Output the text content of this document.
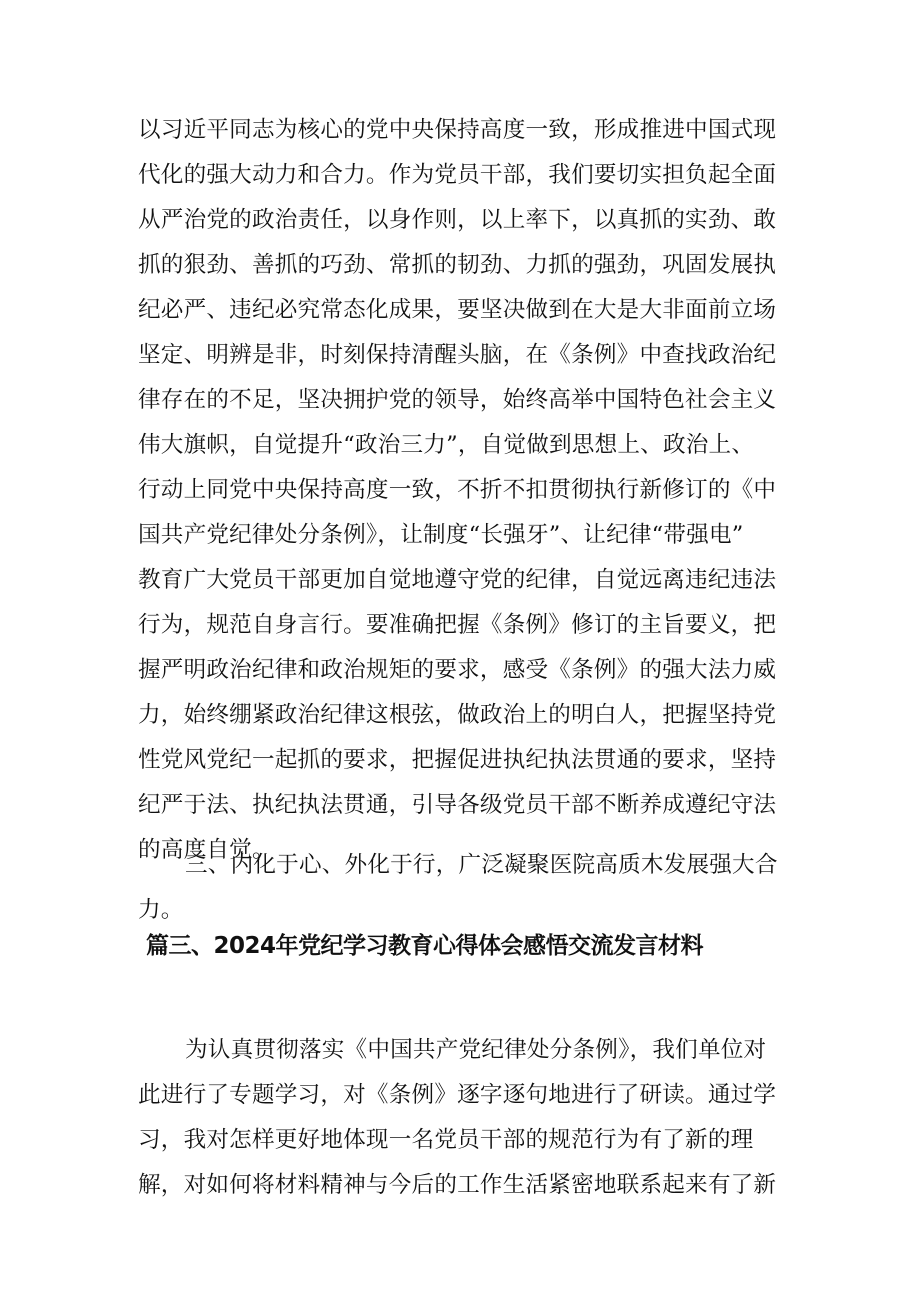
以习近平同志为核心的党中央保持高度一致，形成推进中国式现
代化的强大动力和合力。作为党员干部，我们要切实担负起全面
从严治党的政治责任，以身作则，以上率下，以真抓的实劲、敢
抓的狠劲、善抓的巧劲、常抓的韧劲、力抓的强劲，巩固发展执
纪必严、违纪必究常态化成果，要坚决做到在大是大非面前立场
坚定、明辨是非，时刻保持清醒头脑，在《条例》中查找政治纪
律存在的不足，坚决拥护党的领导，始终高举中国特色社会主义
伟大旗帜，自觉提升“政治三力”，自觉做到思想上、政治上、
行动上同党中央保持高度一致，不折不扣贯彻执行新修订的《中
国共产党纪律处分条例》，让制度“长强牙”、让纪律“带强电”
教育广大党员干部更加自觉地遵守党的纪律，自觉远离违纪违法
行为，规范自身言行。要准确把握《条例》修订的主旨要义，把
握严明政治纪律和政治规矩的要求，感受《条例》的强大法力威
力，始终绷紧政治纪律这根弦，做政治上的明白人，把握坚持党
性党风党纪一起抓的要求，把握促进执纪执法贯通的要求，坚持
纪严于法、执纪执法贯通，引导各级党员干部不断养成遵纪守法
的高度自觉。
三、内化于心、外化于行，广泛凝聚医院高质木发展强大合
力。
篇三、2024年党纪学习教育心得体会感悟交流发言材料
为认真贯彻落实《中国共产党纪律处分条例》，我们单位对
此进行了专题学习，对《条例》逐字逐句地进行了研读。通过学
习，我对怎样更好地体现一名党员干部的规范行为有了新的理
解，对如何将材料精神与今后的工作生活紧密地联系起来有了新
